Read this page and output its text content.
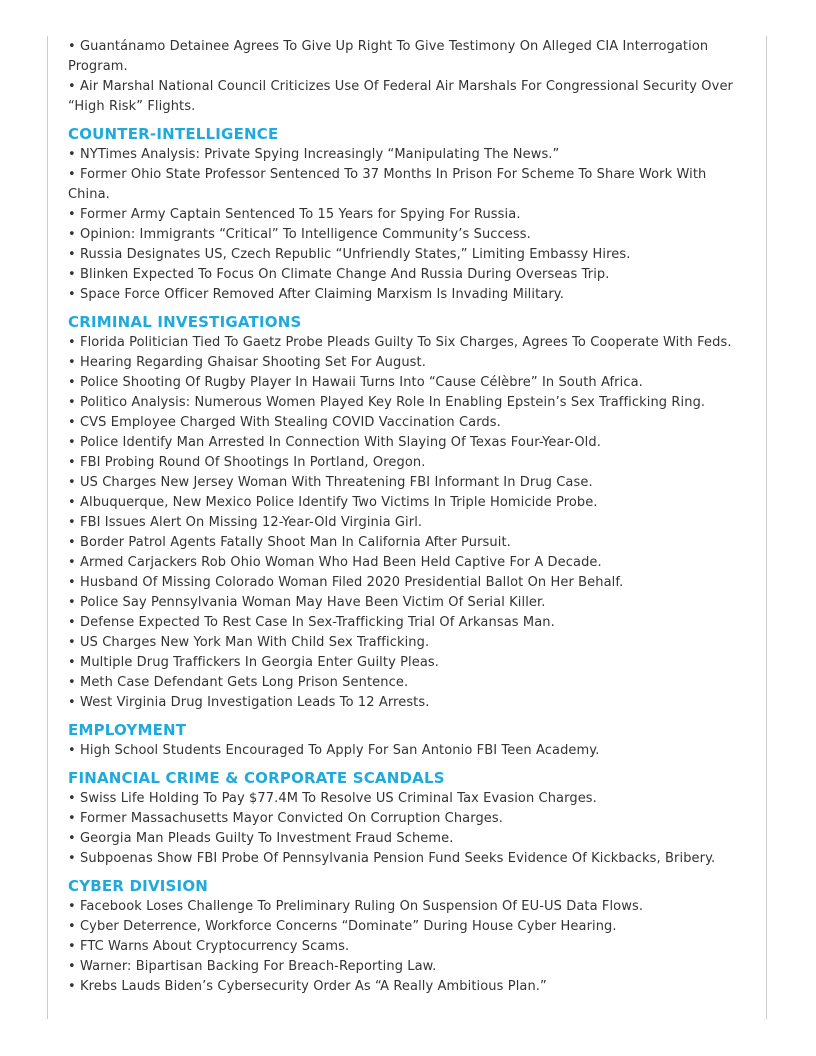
• Guantánamo Detainee Agrees To Give Up Right To Give Testimony On Alleged CIA Interrogation Program.

• Air Marshal National Council Criticizes Use Of Federal Air Marshals For Congressional Security Over “High Risk” Flights.

COUNTER-INTELLIGENCE

• NYTimes Analysis: Private Spying Increasingly “Manipulating The News.”

• Former Ohio State Professor Sentenced To 37 Months In Prison For Scheme To Share Work With China.

• Former Army Captain Sentenced To 15 Years for Spying For Russia.

• Opinion: Immigrants “Critical” To Intelligence Community’s Success.

• Russia Designates US, Czech Republic “Unfriendly States,” Limiting Embassy Hires.

• Blinken Expected To Focus On Climate Change And Russia During Overseas Trip.

• Space Force Officer Removed After Claiming Marxism Is Invading Military.

CRIMINAL INVESTIGATIONS

• Florida Politician Tied To Gaetz Probe Pleads Guilty To Six Charges, Agrees To Cooperate With Feds.

• Hearing Regarding Ghaisar Shooting Set For August.

• Police Shooting Of Rugby Player In Hawaii Turns Into “Cause Célèbre” In South Africa.

• Politico Analysis: Numerous Women Played Key Role In Enabling Epstein’s Sex Trafficking Ring.

• CVS Employee Charged With Stealing COVID Vaccination Cards.

• Police Identify Man Arrested In Connection With Slaying Of Texas Four-Year-Old.

• FBI Probing Round Of Shootings In Portland, Oregon.

• US Charges New Jersey Woman With Threatening FBI Informant In Drug Case.

• Albuquerque, New Mexico Police Identify Two Victims In Triple Homicide Probe.

• FBI Issues Alert On Missing 12-Year-Old Virginia Girl.

• Border Patrol Agents Fatally Shoot Man In California After Pursuit.

• Armed Carjackers Rob Ohio Woman Who Had Been Held Captive For A Decade.

• Husband Of Missing Colorado Woman Filed 2020 Presidential Ballot On Her Behalf.

• Police Say Pennsylvania Woman May Have Been Victim Of Serial Killer.

• Defense Expected To Rest Case In Sex-Trafficking Trial Of Arkansas Man.

• US Charges New York Man With Child Sex Trafficking.

• Multiple Drug Traffickers In Georgia Enter Guilty Pleas.

• Meth Case Defendant Gets Long Prison Sentence.

• West Virginia Drug Investigation Leads To 12 Arrests.

EMPLOYMENT

• High School Students Encouraged To Apply For San Antonio FBI Teen Academy.

FINANCIAL CRIME & CORPORATE SCANDALS

• Swiss Life Holding To Pay $77.4M To Resolve US Criminal Tax Evasion Charges.

• Former Massachusetts Mayor Convicted On Corruption Charges.

• Georgia Man Pleads Guilty To Investment Fraud Scheme.

• Subpoenas Show FBI Probe Of Pennsylvania Pension Fund Seeks Evidence Of Kickbacks, Bribery.

CYBER DIVISION

• Facebook Loses Challenge To Preliminary Ruling On Suspension Of EU-US Data Flows.

• Cyber Deterrence, Workforce Concerns “Dominate” During House Cyber Hearing.

• FTC Warns About Cryptocurrency Scams.

• Warner: Bipartisan Backing For Breach-Reporting Law.

• Krebs Lauds Biden’s Cybersecurity Order As “A Really Ambitious Plan.”
